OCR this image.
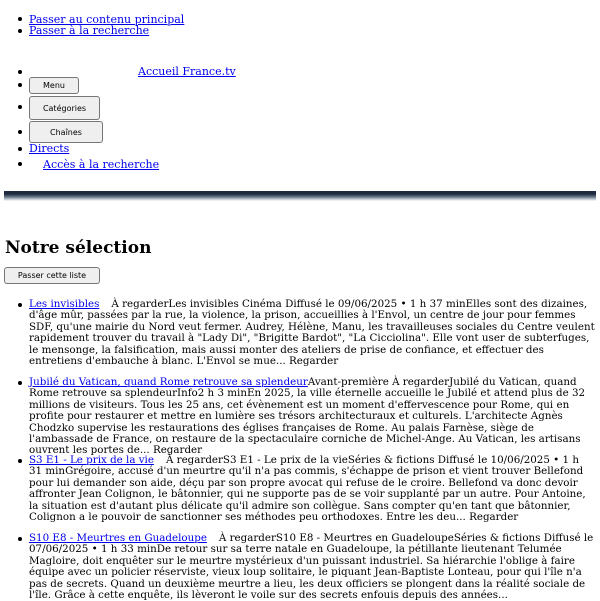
Passer au contenu principal
Passer à la recherche
Accueil France.tv
Menu
Catégories
Chaînes
Directs
Accès à la recherche
Notre sélection
Passer cette liste
Les invisibles À regarderLes invisibles Cinéma Diffusé le 09/06/2025 • 1 h 37 minElles sont des dizaines, d'âge mûr, passées par la rue, la violence, la prison, accueillies à l'Envol, un centre de jour pour femmes SDF, qu'une mairie du Nord veut fermer. Audrey, Hélène, Manu, les travailleuses sociales du Centre veulent rapidement trouver du travail à "Lady Di", "Brigitte Bardot", "La Cicciolina". Elle vont user de subterfuges, le mensonge, la falsification, mais aussi monter des ateliers de prise de confiance, et effectuer des entretiens d'embauche à blanc. L'Envol se mue... Regarder
Jubilé du Vatican, quand Rome retrouve sa splendeurAvant-première À regarderJubilé du Vatican, quand Rome retrouve sa splendeurInfo2 h 3 minEn 2025, la ville éternelle accueille le Jubilé et attend plus de 32 millions de visiteurs. Tous les 25 ans, cet évènement est un moment d'effervescence pour Rome, qui en profite pour restaurer et mettre en lumière ses trésors architecturaux et culturels. L'architecte Agnès Chodzko supervise les restaurations des églises françaises de Rome. Au palais Farnèse, siège de l'ambassade de France, on restaure de la spectaculaire corniche de Michel-Ange. Au Vatican, les artisans ouvrent les portes de... Regarder
S3 E1 - Le prix de la vie À regarderS3 E1 - Le prix de la vieSéries & fictions Diffusé le 10/06/2025 • 1 h 31 minGrégoire, accusé d'un meurtre qu'il n'a pas commis, s'échappe de prison et vient trouver Bellefond pour lui demander son aide, déçu par son propre avocat qui refuse de le croire. Bellefond va donc devoir affronter Jean Colignon, le bâtonnier, qui ne supporte pas de se voir supplanté par un autre. Pour Antoine, la situation est d'autant plus délicate qu'il admire son collègue. Sans compter qu'en tant que bâtonnier, Colignon a le pouvoir de sanctionner ses méthodes peu orthodoxes. Entre les deu... Regarder
S10 E8 - Meurtres en Guadeloupe À regarderS10 E8 - Meurtres en GuadeloupeSéries & fictions Diffusé le 07/06/2025 • 1 h 33 minDe retour sur sa terre natale en Guadeloupe, la pétillante lieutenant Telumée Magloire, doit enquêter sur le meurtre mystérieux d'un puissant industriel. Sa hiérarchie l'oblige à faire équipe avec un policier réserviste, vieux loup solitaire, le piquant Jean-Baptiste Lonteau, pour qui l'île n'a pas de secrets. Quand un deuxième meurtre a lieu, les deux officiers se plongent dans la réalité sociale de l'île. Grâce à cette enquête, ils lèveront le voile sur des secrets enfouis depuis des années...
